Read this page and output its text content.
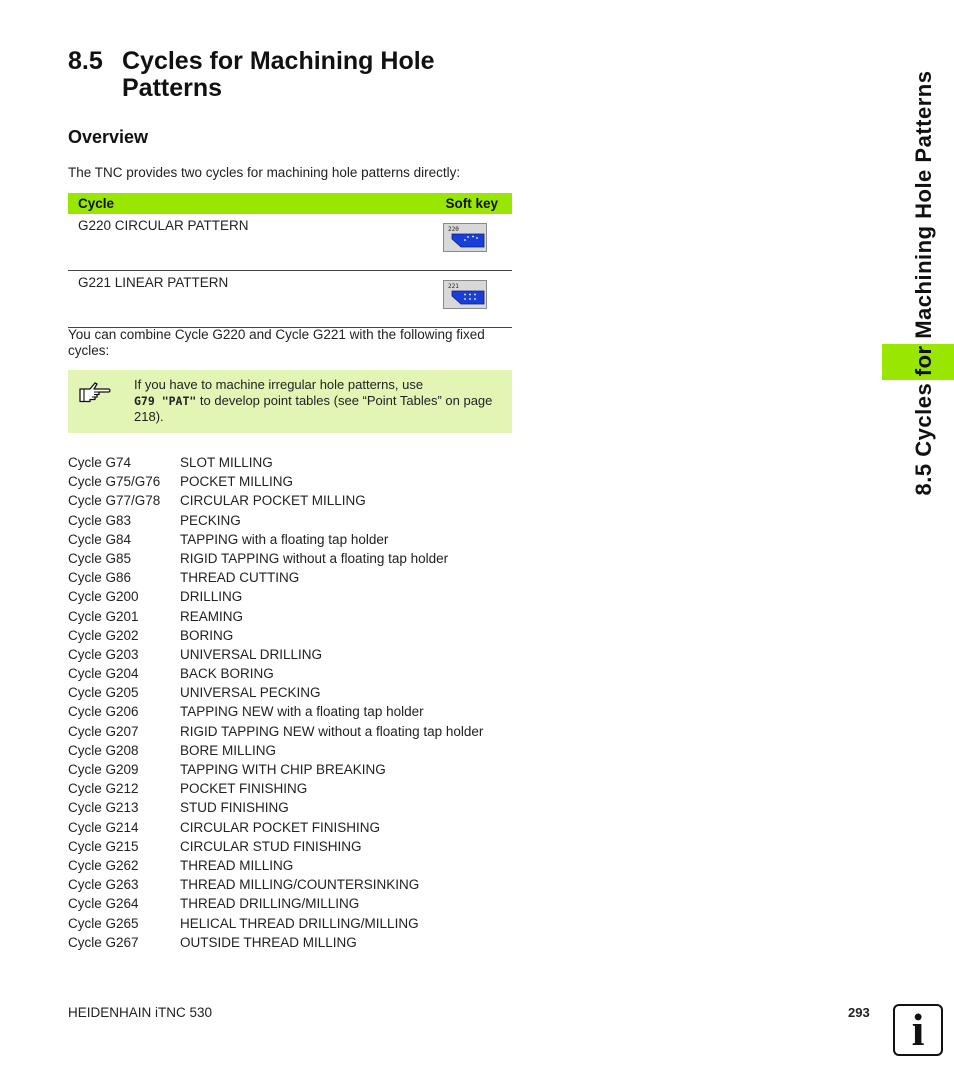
8.5 Cycles for Machining Hole Patterns
Overview

The TNC provides two cycles for machining hole patterns directly:

Cycle	Soft key
G220 CIRCULAR PATTERN	220

G221 LINEAR PATTERN	221

You can combine Cycle G220 and Cycle G221 with the following fixed cycles:

If you have to machine irregular hole patterns, use
G79 "PAT" to develop point tables (see “Point Tables” on page 218).
Cycle G74	SLOT MILLING
Cycle G75/G76 POCKET MILLING
Cycle G77/G78 CIRCULAR POCKET MILLING
Cycle G83	PECKING
Cycle G84	TAPPING with a floating tap holder
Cycle G85	RIGID TAPPING without a floating tap holder
Cycle G86	THREAD CUTTING
Cycle G200	DRILLING
Cycle G201	REAMING
Cycle G202	BORING
Cycle G203	UNIVERSAL DRILLING
Cycle G204	BACK BORING
Cycle G205	UNIVERSAL PECKING
Cycle G206	TAPPING NEW with a floating tap holder
Cycle G207	RIGID TAPPING NEW without a floating tap holder
Cycle G208	BORE MILLING
Cycle G209	TAPPING WITH CHIP BREAKING
Cycle G212	POCKET FINISHING
Cycle G213	STUD FINISHING
Cycle G214	CIRCULAR POCKET FINISHING
Cycle G215	CIRCULAR STUD FINISHING
Cycle G262	THREAD MILLING
Cycle G263	THREAD MILLING/COUNTERSINKING
Cycle G264	THREAD DRILLING/MILLING
Cycle G265	HELICAL THREAD DRILLING/MILLING
Cycle G267	OUTSIDE THREAD MILLING
HEIDENHAIN iTNC 530	293
8.5 Cycles for Machining Hole Patterns
i
